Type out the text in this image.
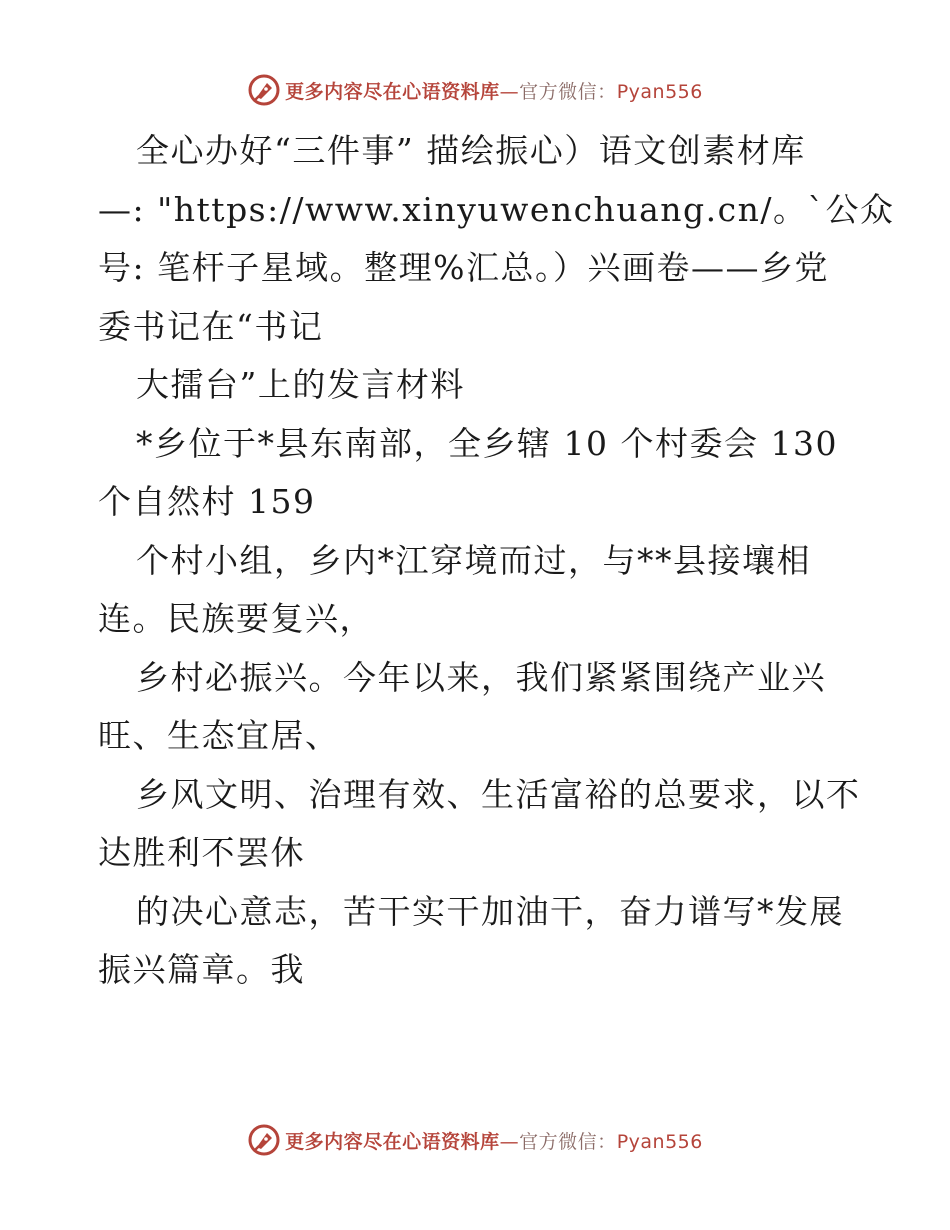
更多内容尽在心语资料库—官方微信：Pyan556
全心办好“三件事” 描绘振心）语文创素材库
—: "https://www.xinyuwenchuang.cn/。`公众
号: 笔杆子星域。整理%汇总。）兴画卷——乡党
委书记在“书记
大擂台”上的发言材料
*乡位于*县东南部，全乡辖 10 个村委会 130
个自然村 159
个村小组，乡内*江穿境而过，与**县接壤相
连。民族要复兴，
乡村必振兴。今年以来，我们紧紧围绕产业兴
旺、生态宜居、
乡风文明、治理有效、生活富裕的总要求，以不
达胜利不罢休
的决心意志，苦干实干加油干，奋力谱写*发展
振兴篇章。我
更多内容尽在心语资料库—官方微信：Pyan556
